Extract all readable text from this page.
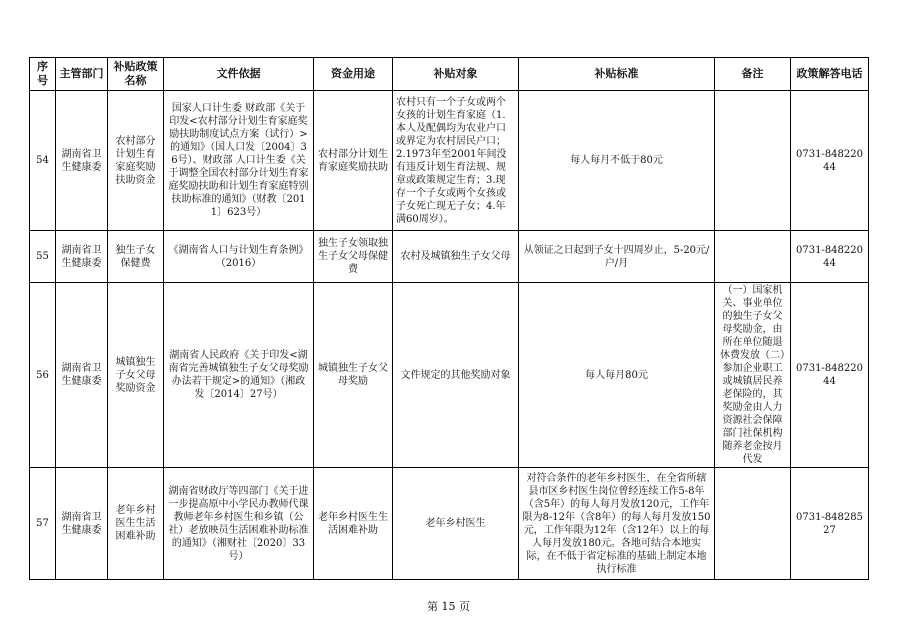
序号	主管部门	补贴政策名称	文件依据	资金用途	补贴对象	补贴标准	备注	政策解答电话
54	湖南省卫生健康委	农村部分计划生育家庭奖励扶助资金	国家人口计生委 财政部《关于印发<农村部分计划生育家庭奖励扶助制度试点方案（试行）>的通知》（国人口发〔2004〕36号）、财政部 人口计生委《关于调整全国农村部分计划生育家庭奖励扶助和计划生育家庭特别扶助标准的通知》（财教〔2011〕623号）	农村部分计划生育家庭奖励扶助	农村只有一个子女或两个女孩的计划生育家庭（1.本人及配偶均为农业户口或界定为农村居民户口；2.1973年至2001年间没有违反计划生育法规、规章或政策规定生育；3.现存一个子女或两个女孩或子女死亡现无子女；4.年满60周岁）。	每人每月不低于80元		0731-84822044
55	湖南省卫生健康委	独生子女保健费	《湖南省人口与计划生育条例》（2016）	独生子女领取独生子女父母保健费	农村及城镇独生子女父母	从领证之日起到子女十四周岁止，5-20元/户/月		0731-84822044
56	湖南省卫生健康委	城镇独生子女父母奖励资金	湖南省人民政府《关于印发<湖南省完善城镇独生子女父母奖励办法若干规定>的通知》（湘政发〔2014〕27号）	城镇独生子女父母奖励	文件规定的其他奖励对象	每人每月80元	（一）国家机关、事业单位的独生子女父母奖励金，由所在单位随退休费发放（二）参加企业职工或城镇居民养老保险的，其奖励金由人力资源社会保障部门社保机构随养老金按月代发	0731-84822044
57	湖南省卫生健康委	老年乡村医生生活困难补助	湖南省财政厅等四部门《关于进一步提高原中小学民办教师代课教师老年乡村医生和乡镇（公社）老放映员生活困难补助标准的通知》（湘财社〔2020〕33号）	老年乡村医生生活困难补助	老年乡村医生	对符合条件的老年乡村医生，在全省所辖县市区乡村医生岗位曾经连续工作5-8年（含5年）的每人每月发放120元，工作年限为8-12年（含8年）的每人每月发放150元，工作年限为12年（含12年）以上的每人每月发放180元。各地可结合本地实际，在不低于省定标准的基础上制定本地执行标准		0731-84828527
第 15 页
